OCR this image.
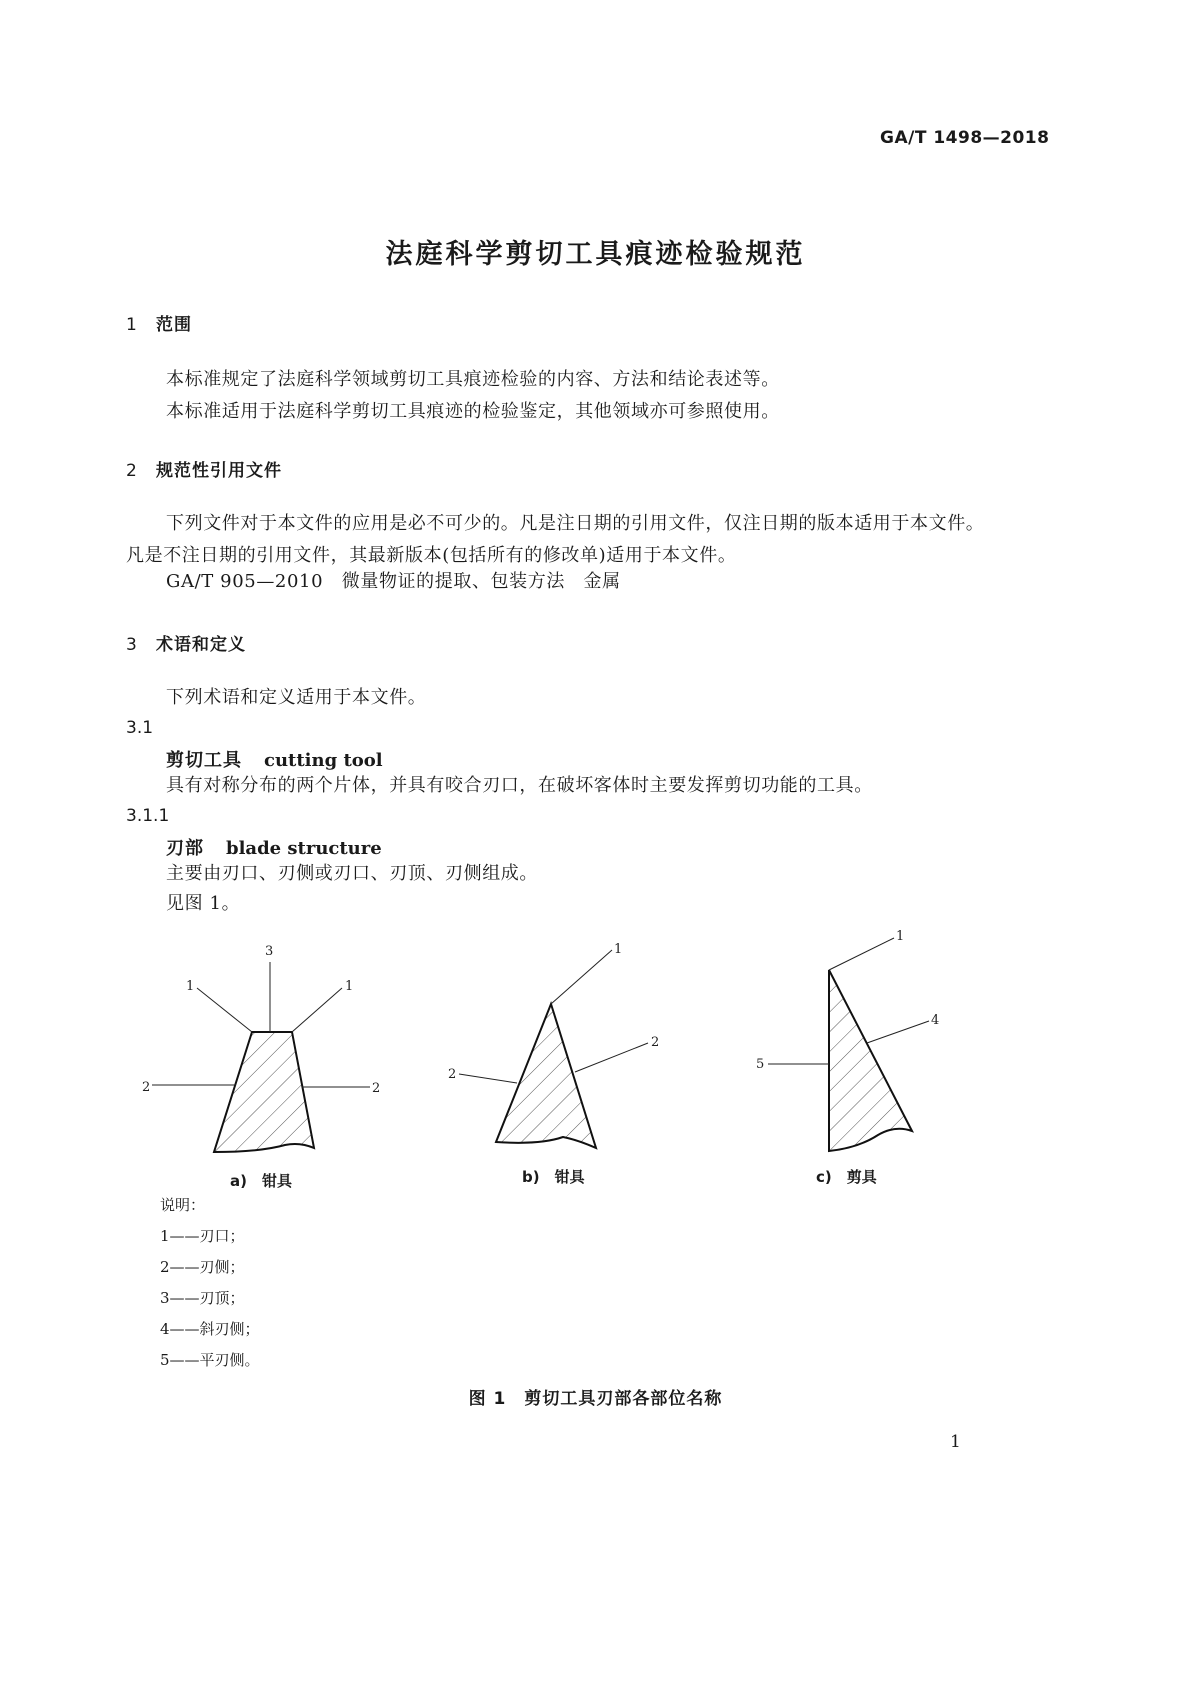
GA/T 1498—2018
法庭科学剪切工具痕迹检验规范
1 范围
本标准规定了法庭科学领域剪切工具痕迹检验的内容、方法和结论表述等。
本标准适用于法庭科学剪切工具痕迹的检验鉴定，其他领域亦可参照使用。
2 规范性引用文件
下列文件对于本文件的应用是必不可少的。凡是注日期的引用文件，仅注日期的版本适用于本文件。凡是不注日期的引用文件，其最新版本(包括所有的修改单)适用于本文件。
GA/T 905—2010　 微量物证的提取、包装方法　金属
3 术语和定义
下列术语和定义适用于本文件。
3.1
剪切工具 cutting tool
具有对称分布的两个片体，并具有咬合刃口，在破坏客体时主要发挥剪切功能的工具。
3.1.1
刃部 blade structure
主要由刃口、刃侧或刃口、刃顶、刃侧组成。
见图 1。
3
1	1
2	2
1
2
2
1
4
5
a)　钳具	b)　钳具	c)　剪具
说明：
1——刃口；
2——刃侧；
3——刃顶；
4——斜刃侧；
5——平刃侧。
图 1　剪切工具刃部各部位名称
1
